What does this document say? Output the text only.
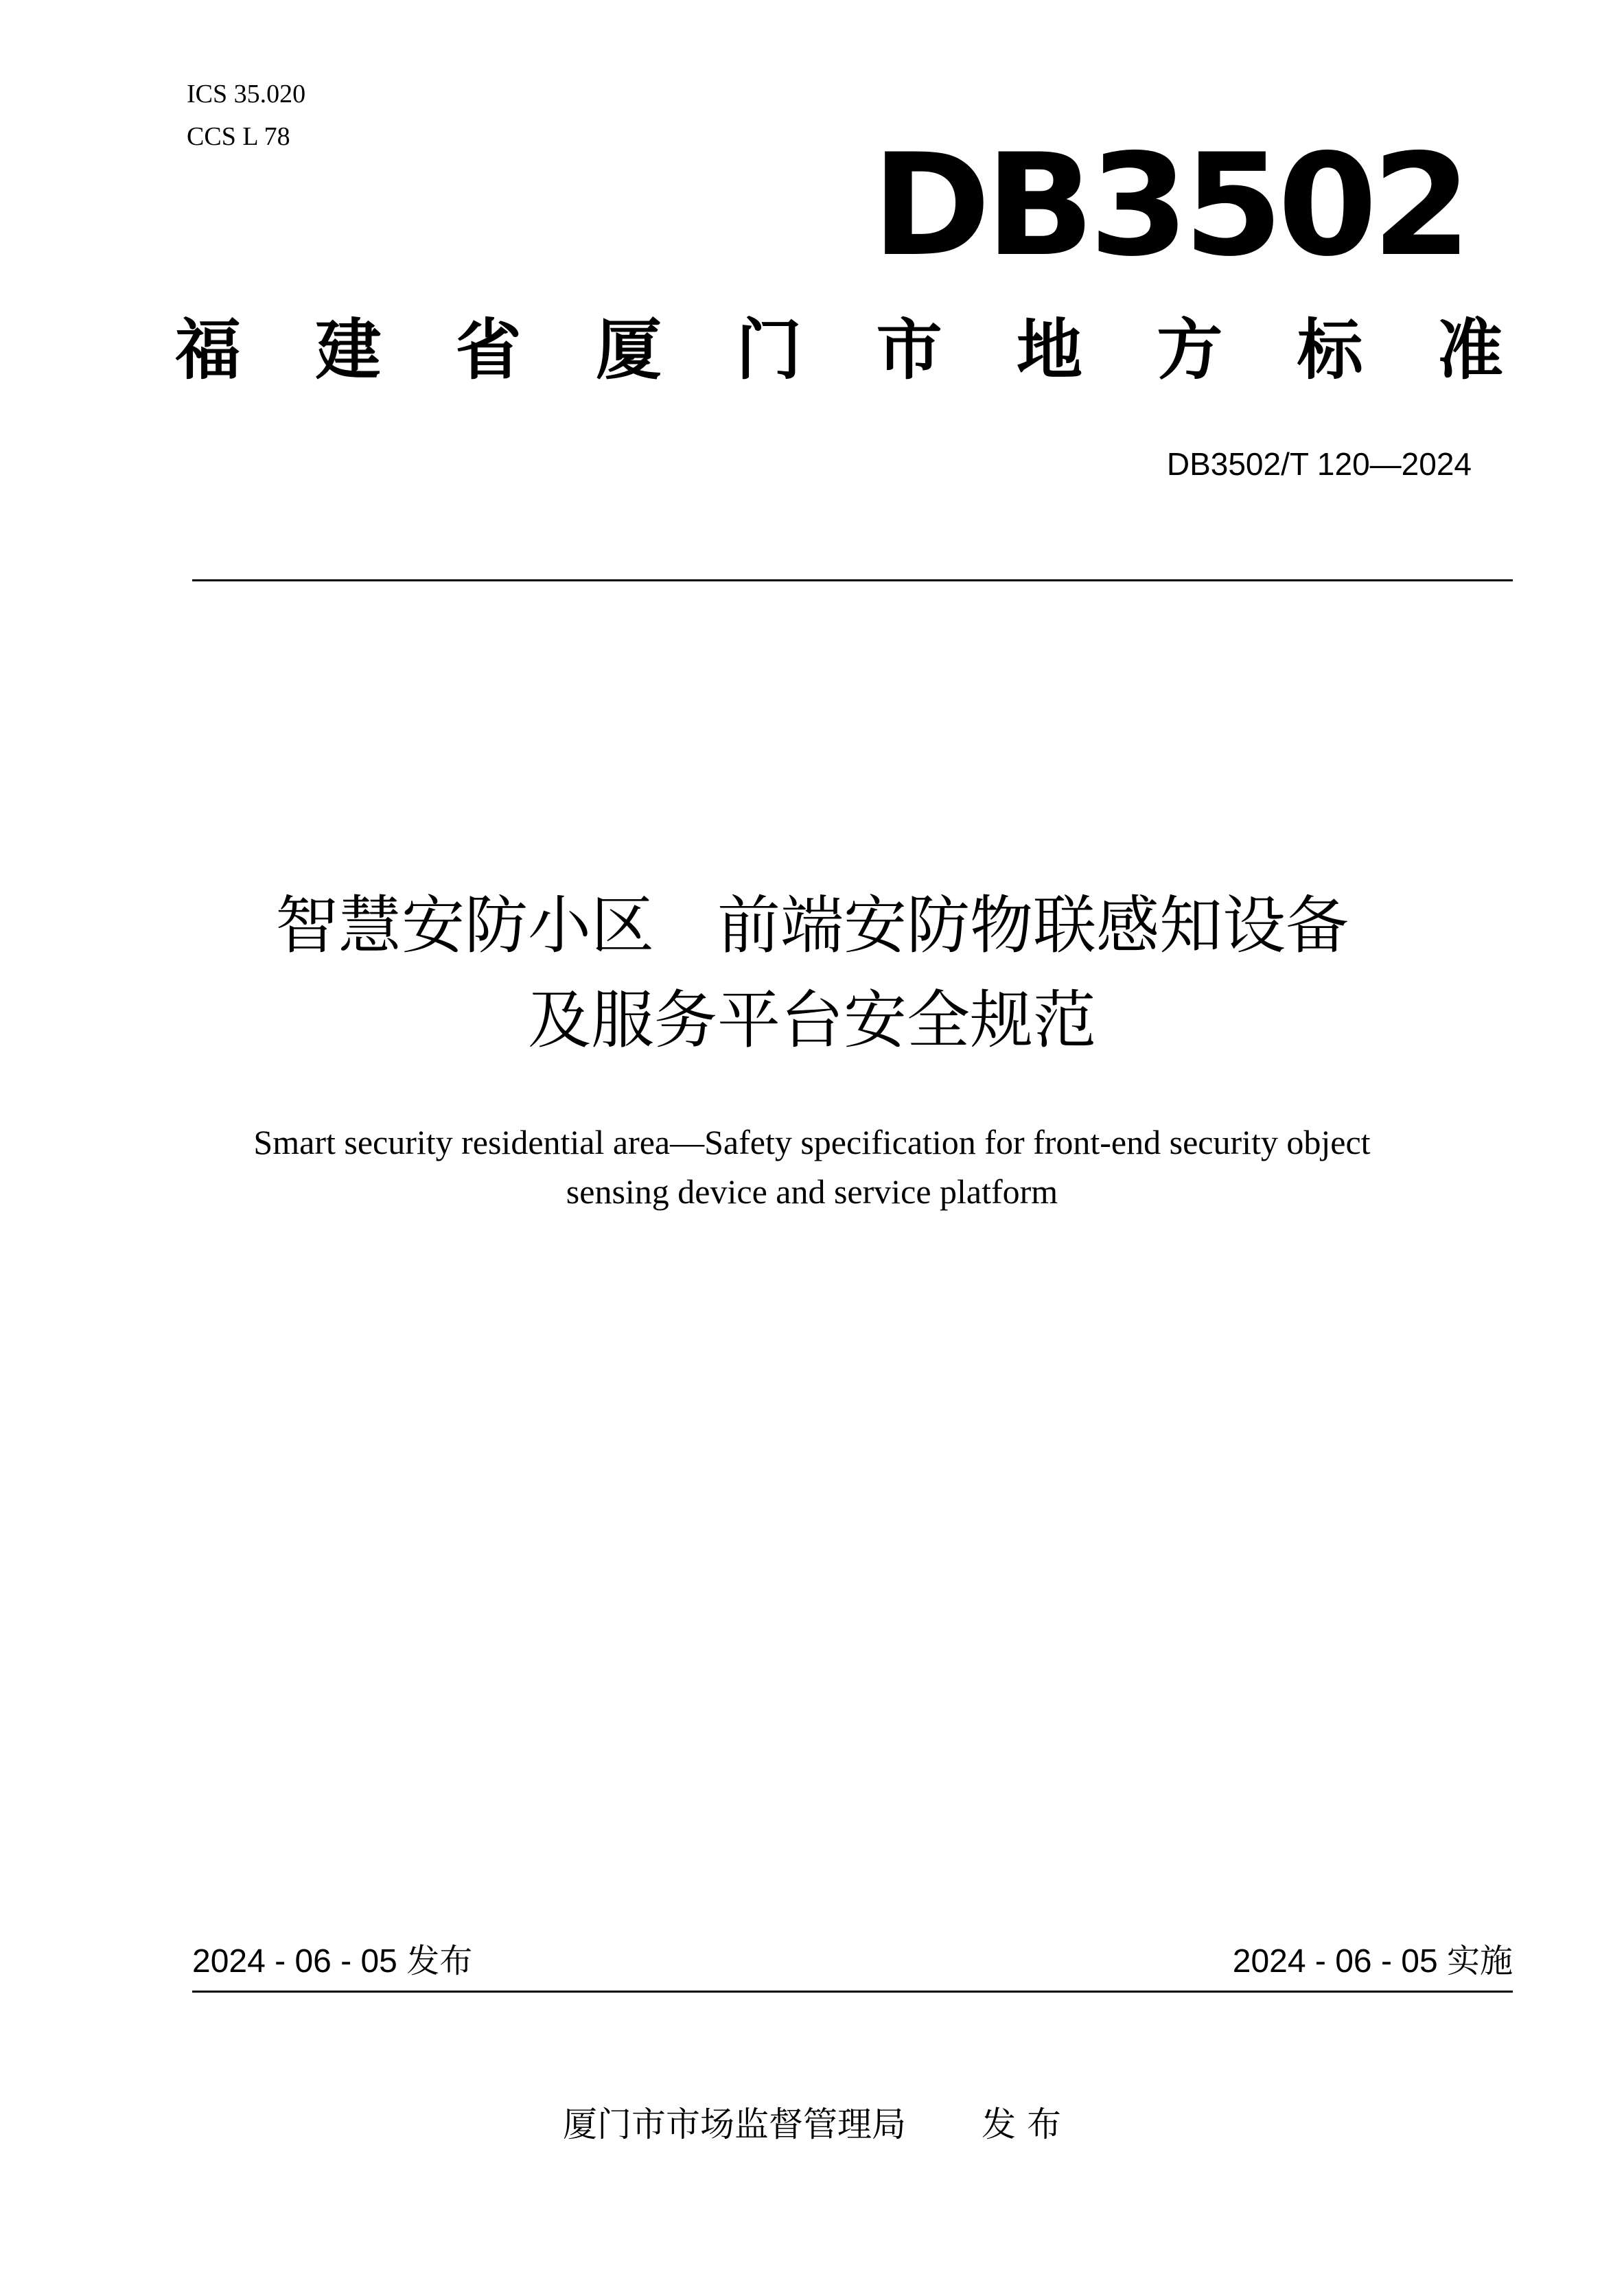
ICS 35.020
CCS L 78	DB3502
福 建 省 厦 门 市 地 方 标 准
DB3502/T 120—2024
智慧安防小区　前端安防物联感知设备
及服务平台安全规范
Smart security residential area—Safety specification for front-end security object
sensing device and service platform
2024 - 06 - 05 发布	2024 - 06 - 05 实施
厦门市市场监督管理局 发 布
